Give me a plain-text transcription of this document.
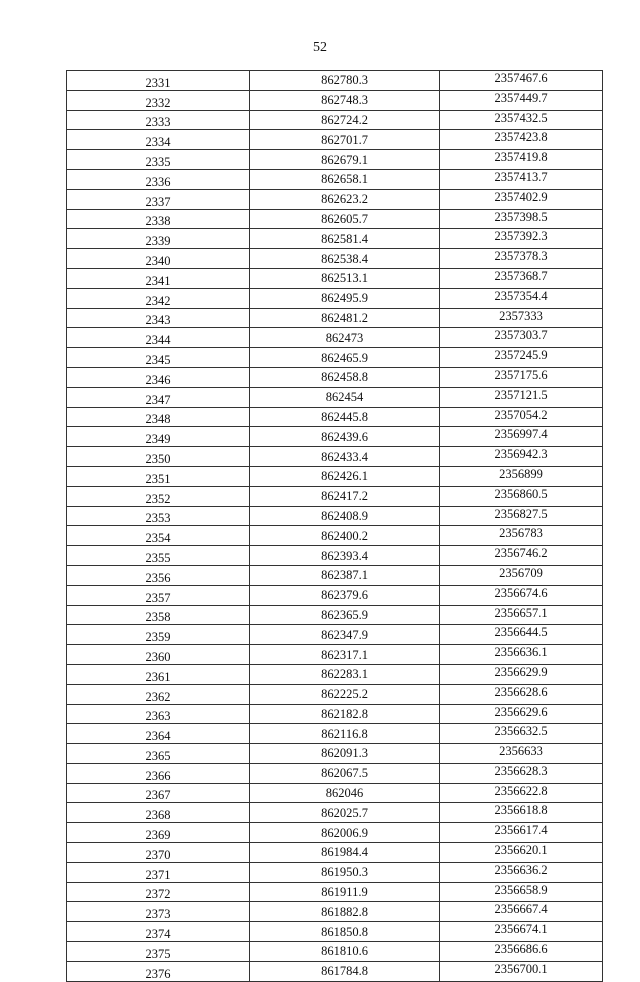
52
2331	862780.3	2357467.6
2332	862748.3	2357449.7
2333	862724.2	2357432.5
2334	862701.7	2357423.8
2335	862679.1	2357419.8
2336	862658.1	2357413.7
2337	862623.2	2357402.9
2338	862605.7	2357398.5
2339	862581.4	2357392.3
2340	862538.4	2357378.3
2341	862513.1	2357368.7
2342	862495.9	2357354.4
2343	862481.2	2357333
2344	862473	2357303.7
2345	862465.9	2357245.9
2346	862458.8	2357175.6
2347	862454	2357121.5
2348	862445.8	2357054.2
2349	862439.6	2356997.4
2350	862433.4	2356942.3
2351	862426.1	2356899
2352	862417.2	2356860.5
2353	862408.9	2356827.5
2354	862400.2	2356783
2355	862393.4	2356746.2
2356	862387.1	2356709
2357	862379.6	2356674.6
2358	862365.9	2356657.1
2359	862347.9	2356644.5
2360	862317.1	2356636.1
2361	862283.1	2356629.9
2362	862225.2	2356628.6
2363	862182.8	2356629.6
2364	862116.8	2356632.5
2365	862091.3	2356633
2366	862067.5	2356628.3
2367	862046	2356622.8
2368	862025.7	2356618.8
2369	862006.9	2356617.4
2370	861984.4	2356620.1
2371	861950.3	2356636.2
2372	861911.9	2356658.9
2373	861882.8	2356667.4
2374	861850.8	2356674.1
2375	861810.6	2356686.6
2376	861784.8	2356700.1
